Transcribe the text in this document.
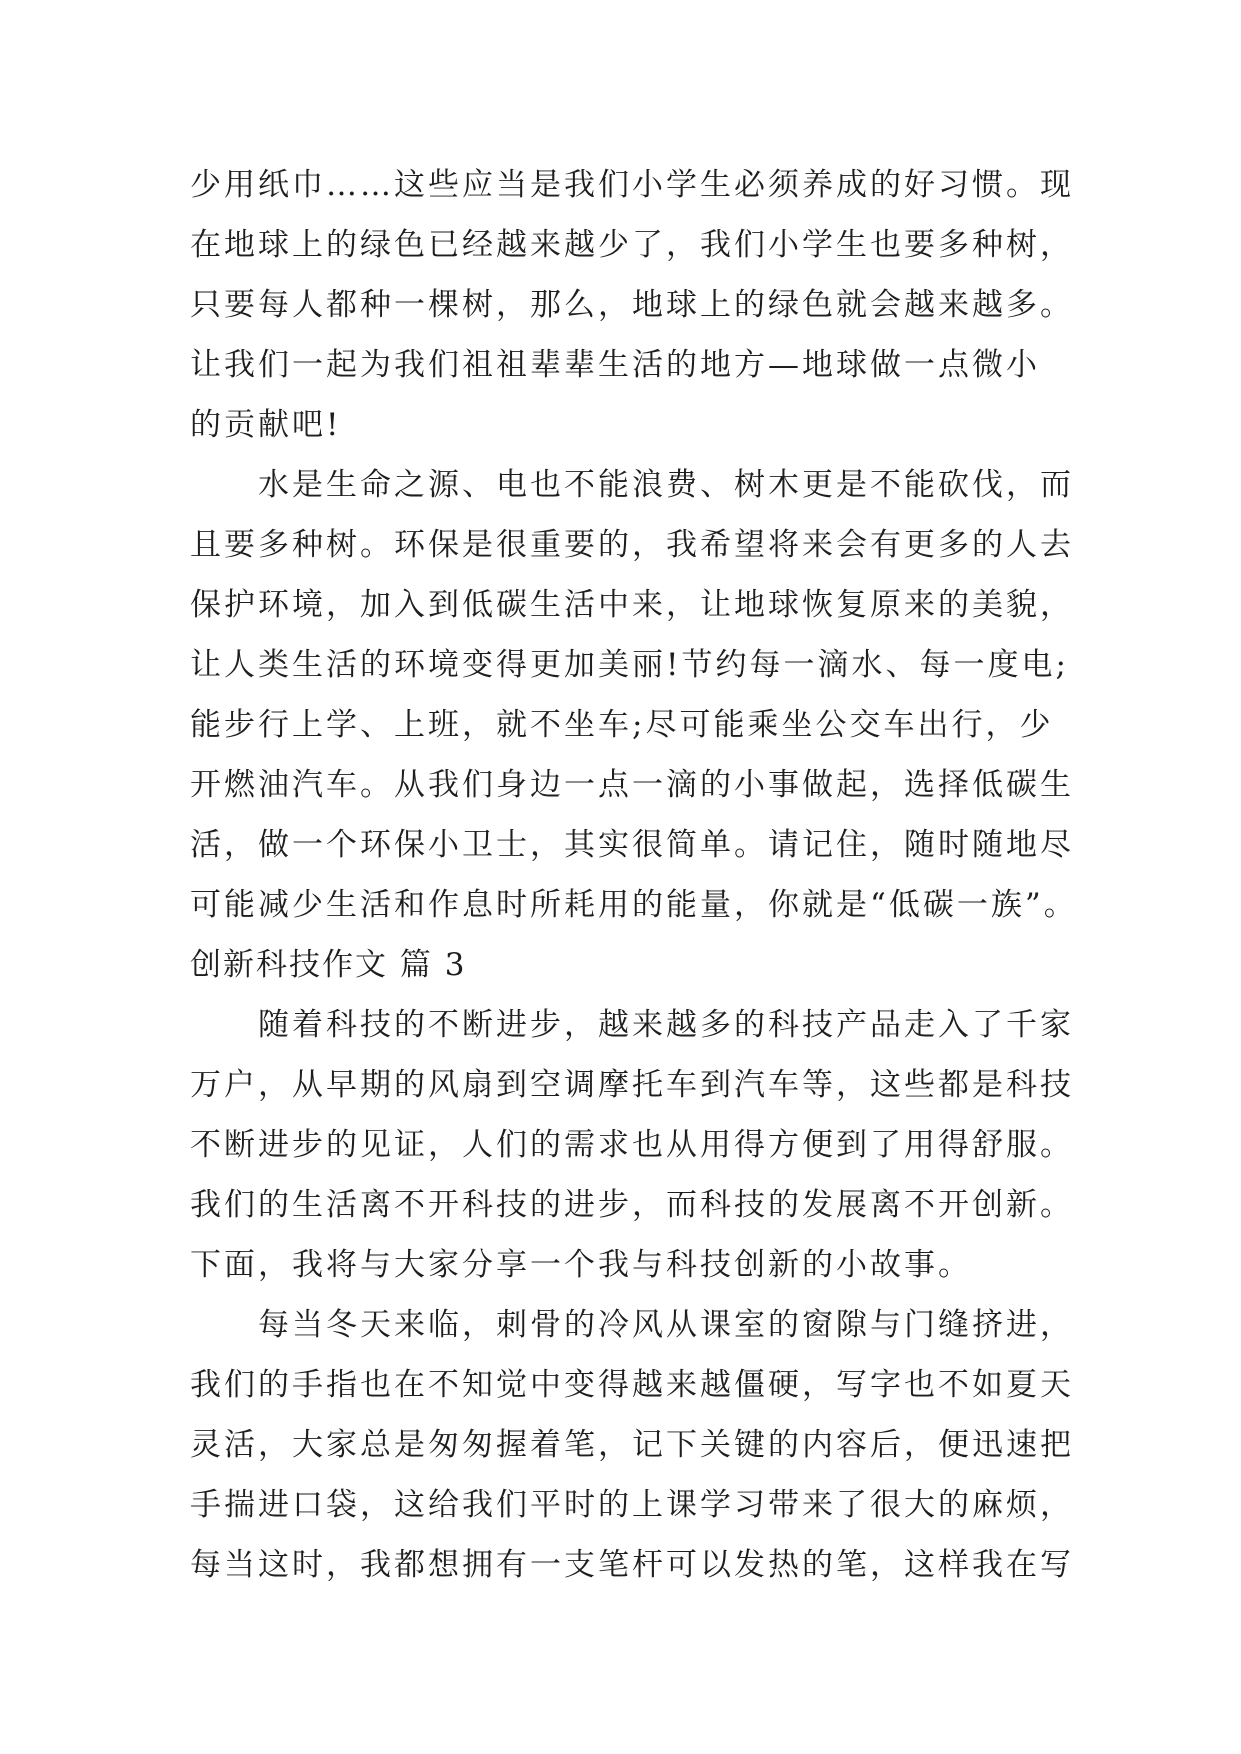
少用纸巾……这些应当是我们小学生必须养成的好习惯。现
在地球上的绿色已经越来越少了，我们小学生也要多种树，
只要每人都种一棵树，那么，地球上的绿色就会越来越多。
让我们一起为我们祖祖辈辈生活的地方—地球做一点微小
的贡献吧!
　　水是生命之源、电也不能浪费、树木更是不能砍伐，而
且要多种树。环保是很重要的，我希望将来会有更多的人去
保护环境，加入到低碳生活中来，让地球恢复原来的美貌，
让人类生活的环境变得更加美丽!节约每一滴水、每一度电;
能步行上学、上班，就不坐车;尽可能乘坐公交车出行，少
开燃油汽车。从我们身边一点一滴的小事做起，选择低碳生
活，做一个环保小卫士，其实很简单。请记住，随时随地尽
可能减少生活和作息时所耗用的能量，你就是“低碳一族”。
创新科技作文 篇 3
　　随着科技的不断进步，越来越多的科技产品走入了千家
万户，从早期的风扇到空调摩托车到汽车等，这些都是科技
不断进步的见证，人们的需求也从用得方便到了用得舒服。
我们的生活离不开科技的进步，而科技的发展离不开创新。
下面，我将与大家分享一个我与科技创新的小故事。
　　每当冬天来临，刺骨的冷风从课室的窗隙与门缝挤进，
我们的手指也在不知觉中变得越来越僵硬，写字也不如夏天
灵活，大家总是匆匆握着笔，记下关键的内容后，便迅速把
手揣进口袋，这给我们平时的上课学习带来了很大的麻烦，
每当这时，我都想拥有一支笔杆可以发热的笔，这样我在写
